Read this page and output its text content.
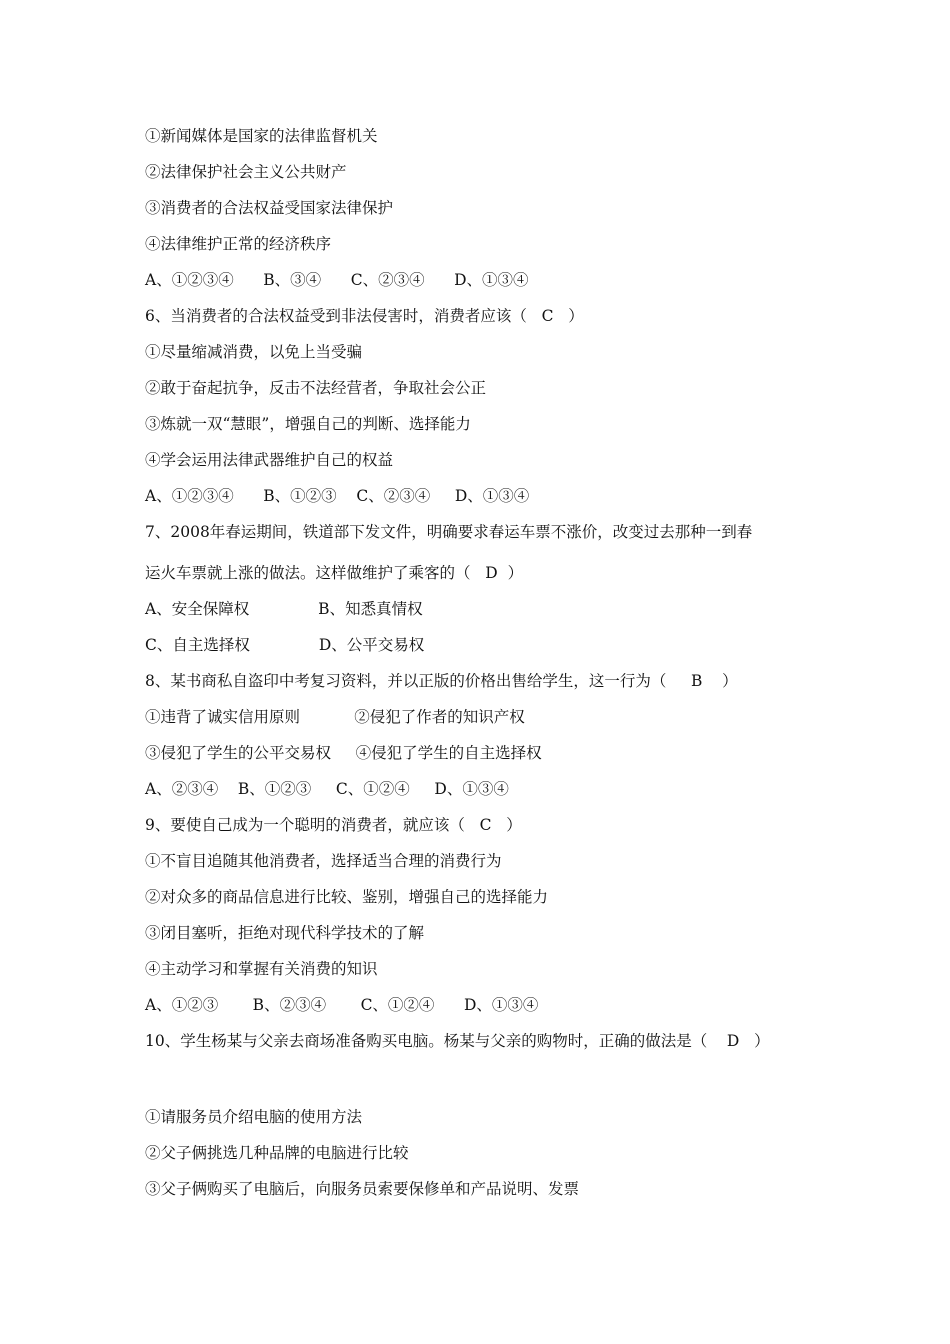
①新闻媒体是国家的法律监督机关
②法律保护社会主义公共财产
③消费者的合法权益受国家法律保护
④法律维护正常的经济秩序
A、①②③④      B、③④      C、②③④      D、①③④
6、当消费者的合法权益受到非法侵害时，消费者应该（   C   ）
①尽量缩减消费，以免上当受骗
②敢于奋起抗争，反击不法经营者，争取社会公正
③炼就一双“慧眼”，增强自己的判断、选择能力
④学会运用法律武器维护自己的权益
A、①②③④      B、①②③    C、②③④     D、①③④
7、2008年春运期间，铁道部下发文件，明确要求春运车票不涨价，改变过去那种一到春
运火车票就上涨的做法。这样做维护了乘客的（   D  ）
A、安全保障权              B、知悉真情权
C、自主选择权              D、公平交易权
8、某书商私自盗印中考复习资料，并以正版的价格出售给学生，这一行为（     B    ）
①违背了诚实信用原则           ②侵犯了作者的知识产权
③侵犯了学生的公平交易权     ④侵犯了学生的自主选择权
A、②③④    B、①②③     C、①②④     D、①③④
9、要使自己成为一个聪明的消费者，就应该（   C   ）
①不盲目追随其他消费者，选择适当合理的消费行为
②对众多的商品信息进行比较、鉴别，增强自己的选择能力
③闭目塞听，拒绝对现代科学技术的了解
④主动学习和掌握有关消费的知识
A、①②③       B、②③④       C、①②④      D、①③④
10、学生杨某与父亲去商场准备购买电脑。杨某与父亲的购物时，正确的做法是（    D   ）
①请服务员介绍电脑的使用方法
②父子俩挑选几种品牌的电脑进行比较
③父子俩购买了电脑后，向服务员索要保修单和产品说明、发票
